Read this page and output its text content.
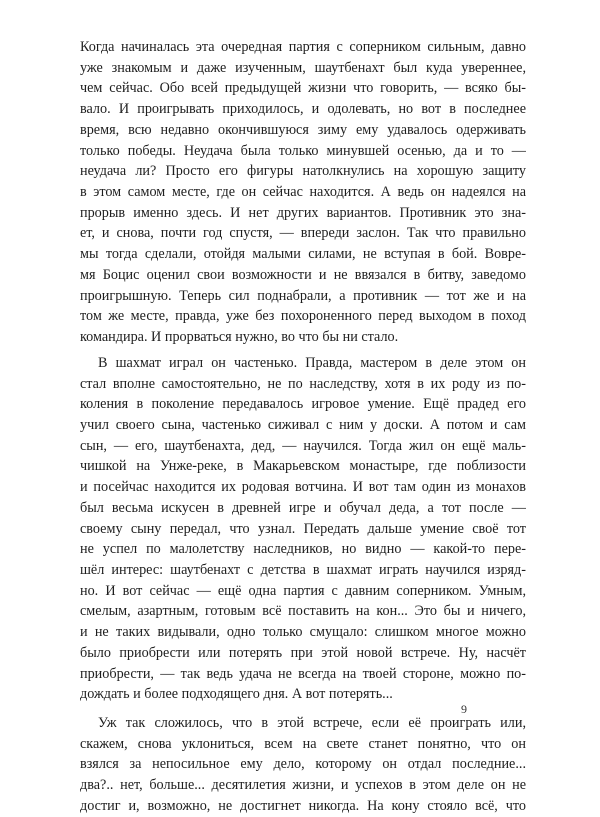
Когда начиналась эта очередная партия с соперником сильным, давно
уже знакомым и даже изученным, шаутбенахт был куда увереннее,
чем сейчас. Обо всей предыдущей жизни что говорить, — всяко бы-
вало. И проигрывать приходилось, и одолевать, но вот в последнее
время, всю недавно окончившуюся зиму ему удавалось одерживать
только победы. Неудача была только минувшей осенью, да и то —
неудача ли? Просто его фигуры натолкнулись на хорошую защиту
в этом самом месте, где он сейчас находится. А ведь он надеялся на
прорыв именно здесь. И нет других вариантов. Противник это зна-
ет, и снова, почти год спустя, — впереди заслон. Так что правильно
мы тогда сделали, отойдя малыми силами, не вступая в бой. Вовре-
мя Боцис оценил свои возможности и не ввязался в битву, заведомо
проигрышную. Теперь сил поднабрали, а противник — тот же и на
том же месте, правда, уже без похороненного перед выходом в поход
командира. И прорваться нужно, во что бы ни стало.
В шахмат играл он частенько. Правда, мастером в деле этом он
стал вполне самостоятельно, не по наследству, хотя в их роду из по-
коления в поколение передавалось игровое умение. Ещё прадед его
учил своего сына, частенько сиживал с ним у доски. А потом и сам
сын, — его, шаутбенахта, дед, — научился. Тогда жил он ещё маль-
чишкой на Унже-реке, в Макарьевском монастыре, где поблизости
и посейчас находится их родовая вотчина. И вот там один из монахов
был весьма искусен в древней игре и обучал деда, а тот после —
своему сыну передал, что узнал. Передать дальше умение своё тот
не успел по малолетству наследников, но видно — какой-то пере-
шёл интерес: шаутбенахт с детства в шахмат играть научился изряд-
но. И вот сейчас — ещё одна партия с давним соперником. Умным,
смелым, азартным, готовым всё поставить на кон... Это бы и ничего,
и не таких видывали, одно только смущало: слишком многое можно
было приобрести или потерять при этой новой встрече. Ну, насчёт
приобрести, — так ведь удача не всегда на твоей стороне, можно по-
дождать и более подходящего дня. А вот потерять...
Уж так сложилось, что в этой встрече, если её проиграть или,
скажем, снова уклониться, всем на свете станет понятно, что он
взялся за непосильное ему дело, которому он отдал последние...
два?.. нет, больше... десятилетия жизни, и успехов в этом деле он не
достиг и, возможно, не достигнет никогда. На кону стояло всё, что
9
